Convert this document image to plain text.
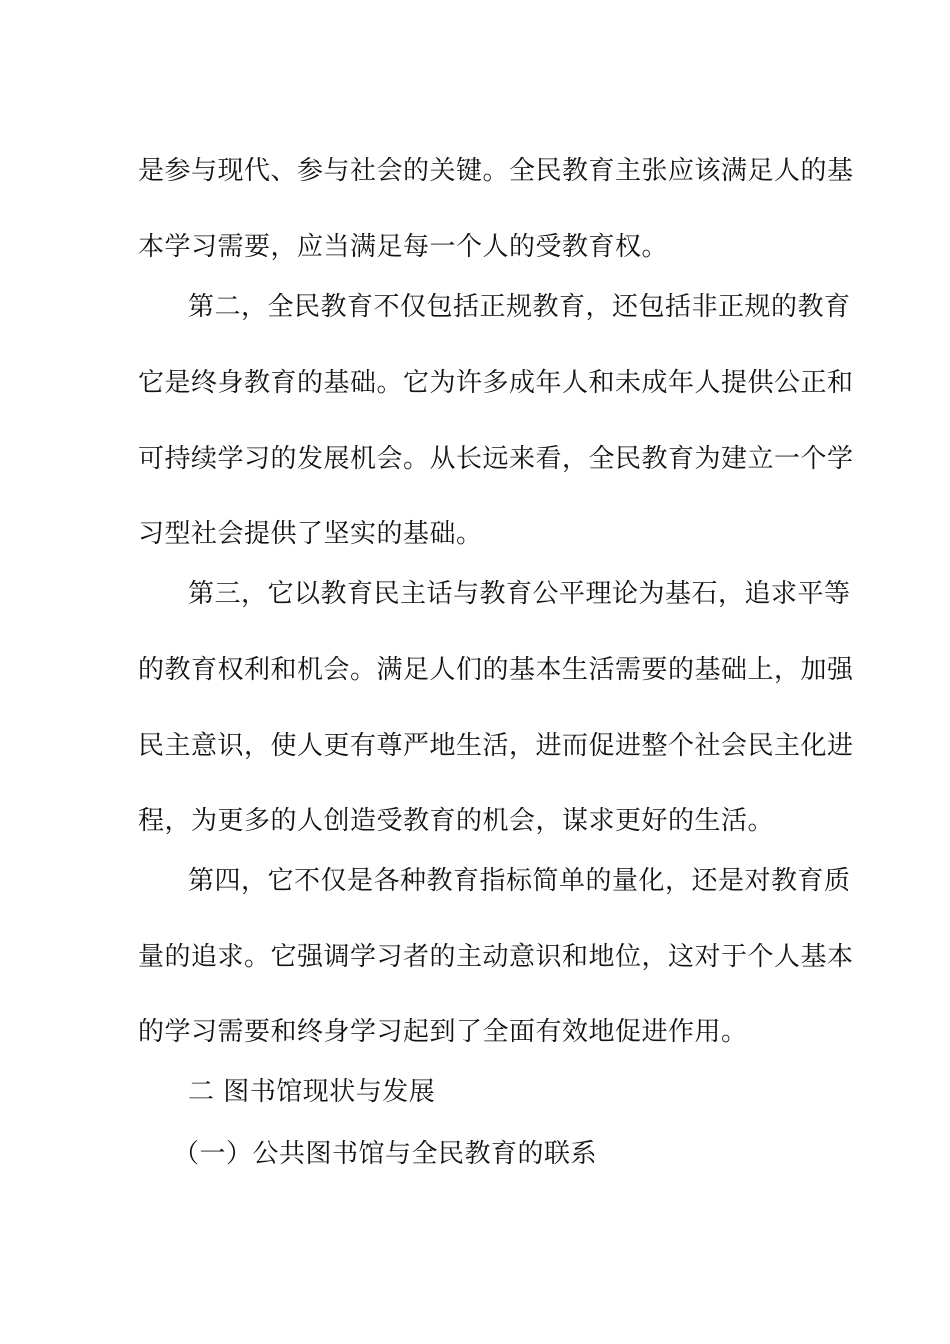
是参与现代、参与社会的关键。全民教育主张应该满足人的基
本学习需要，应当满足每一个人的受教育权。
第二，全民教育不仅包括正规教育，还包括非正规的教育
它是终身教育的基础。它为许多成年人和未成年人提供公正和
可持续学习的发展机会。从长远来看，全民教育为建立一个学
习型社会提供了坚实的基础。
第三，它以教育民主话与教育公平理论为基石，追求平等
的教育权利和机会。满足人们的基本生活需要的基础上，加强
民主意识，使人更有尊严地生活，进而促进整个社会民主化进
程，为更多的人创造受教育的机会，谋求更好的生活。
第四，它不仅是各种教育指标简单的量化，还是对教育质
量的追求。它强调学习者的主动意识和地位，这对于个人基本
的学习需要和终身学习起到了全面有效地促进作用。
二 图书馆现状与发展
（一）公共图书馆与全民教育的联系
